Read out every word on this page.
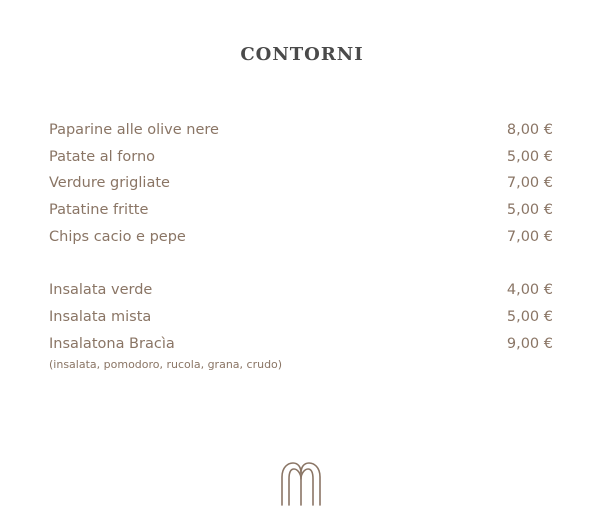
CONTORNI
Paparine alle olive nere	8,00 €
Patate al forno	5,00 €
Verdure grigliate	7,00 €
Patatine fritte	5,00 €
Chips cacio e pepe	7,00 €
Insalata verde	4,00 €
Insalata mista	5,00 €
Insalatona Bracìa	9,00 €
(insalata, pomodoro, rucola, grana, crudo)
